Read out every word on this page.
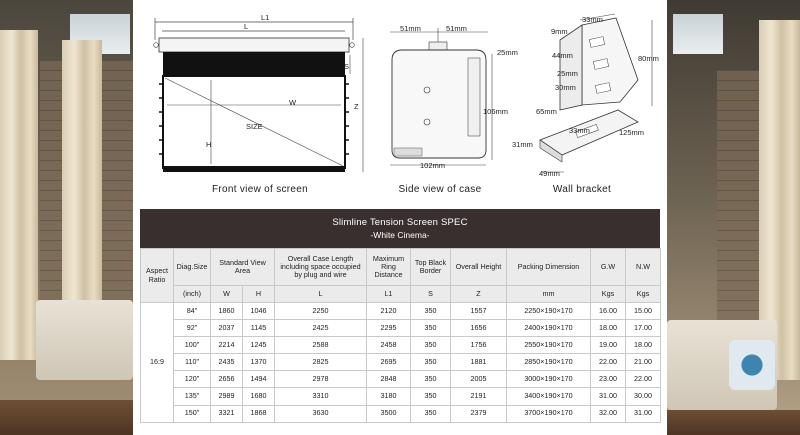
L1
L
S
Z
W
SIZE
H
Front view of screen
51mm	51mm
25mm
106mm
102mm
Side view of case
33mm
9mm
44mm
25mm
30mm
80mm
65mm
33mm	125mm
31mm
49mm
Wall bracket
Slimline Tension Screen SPEC
-White Cinema-
Aspect Ratio	Diag.Size	Standard View Area		Overall Case Length including space occupied by plug and wire	Maximum Ring Distance	Top Black Border	Overall Height	Packing Dimension	G.W	N.W
	(inch)	W	H	L	L1	S	Z	mm	Kgs	Kgs
16:9	84"	1860	1046	2250	2120	350	1557	2250×190×170	16.00	15.00
	92"	2037	1145	2425	2295	350	1656	2400×190×170	18.00	17.00
	100"	2214	1245	2588	2458	350	1756	2550×190×170	19.00	18.00
	110"	2435	1370	2825	2695	350	1881	2850×190×170	22.00	21.00
	120"	2656	1494	2978	2848	350	2005	3000×190×170	23.00	22.00
	135"	2989	1680	3310	3180	350	2191	3400×190×170	31.00	30.00
	150"	3321	1868	3630	3500	350	2379	3700×190×170	32.00	31.00
